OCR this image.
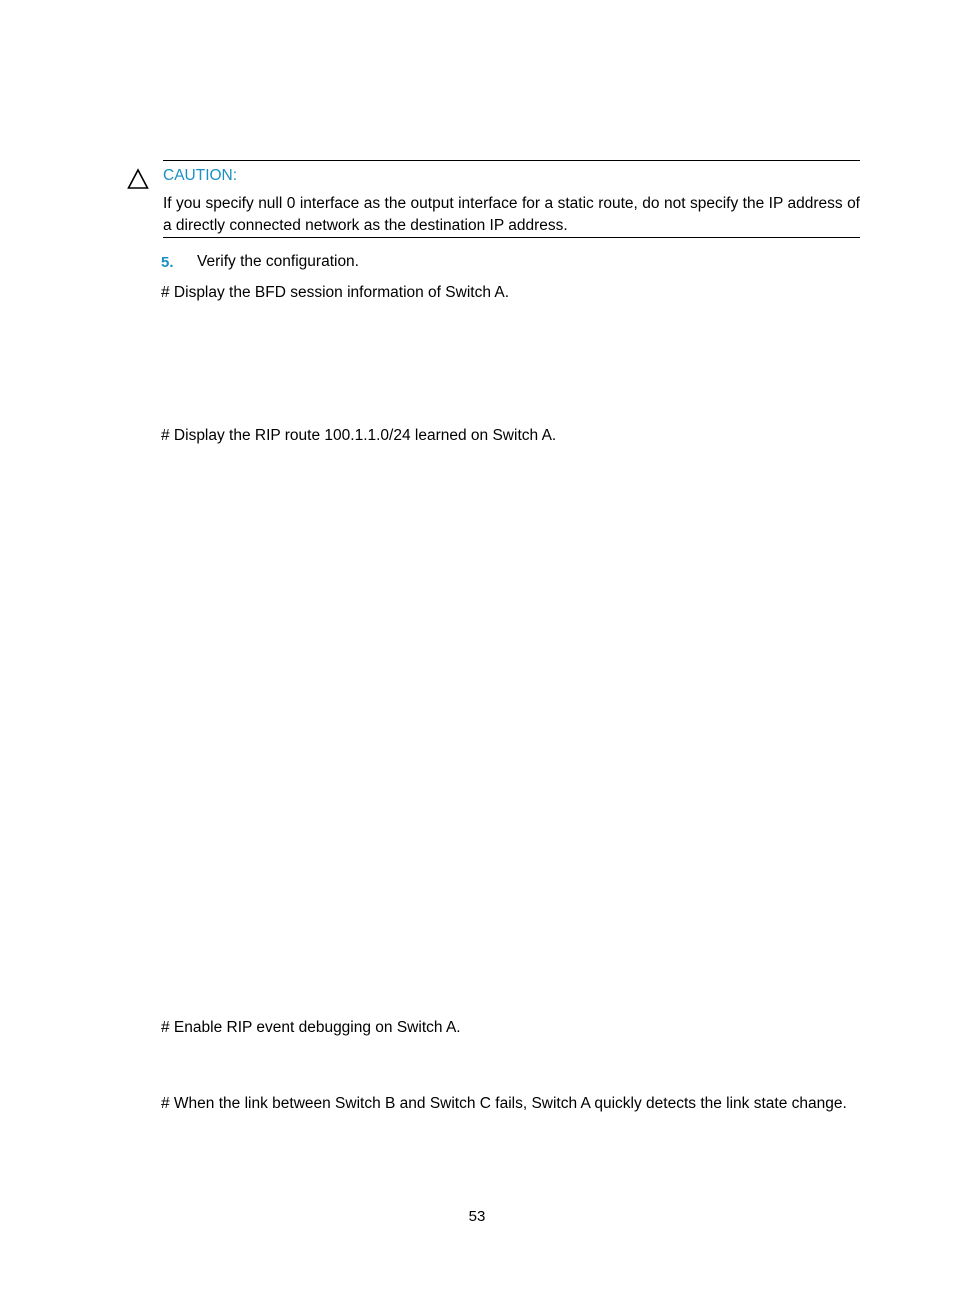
CAUTION:
If you specify null 0 interface as the output interface for a static route, do not specify the IP address of a directly connected network as the destination IP address.
5. Verify the configuration.
# Display the BFD session information of Switch A.
# Display the RIP route 100.1.1.0/24 learned on Switch A.
# Enable RIP event debugging on Switch A.
# When the link between Switch B and Switch C fails, Switch A quickly detects the link state change.
53
